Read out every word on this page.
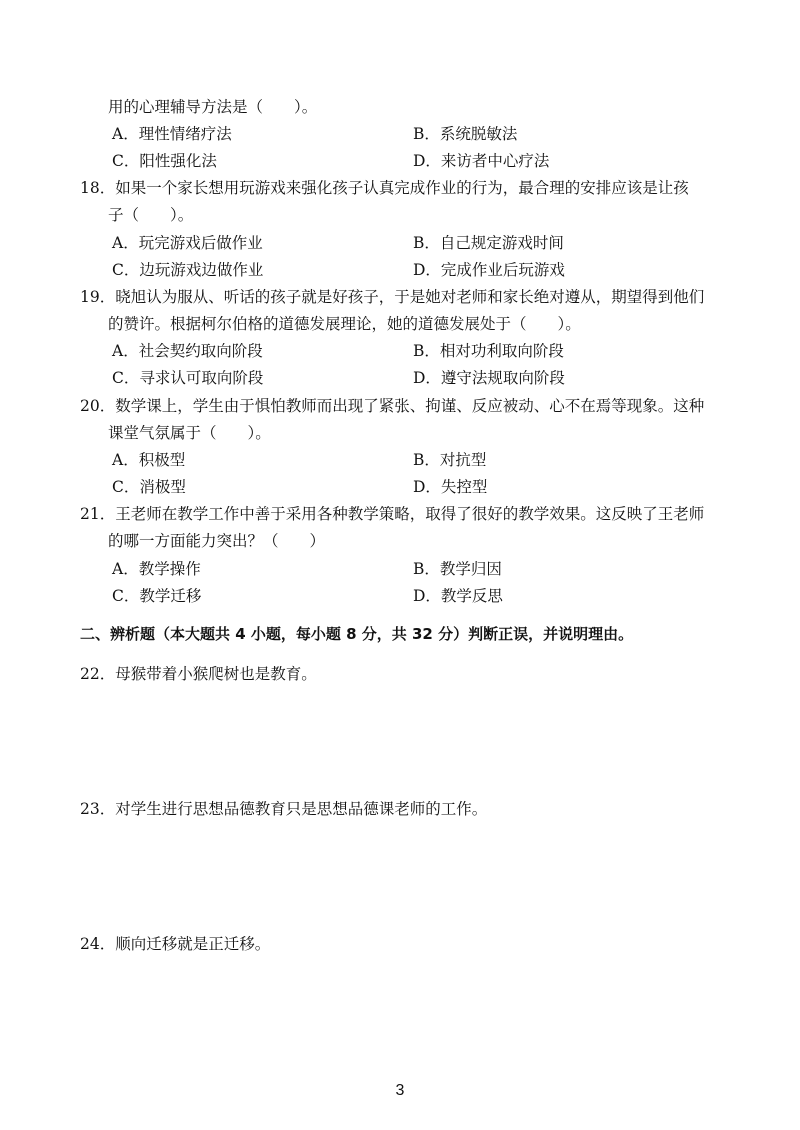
用的心理辅导方法是（　　）。
A．理性情绪疗法	B．系统脱敏法
C．阳性强化法	D．来访者中心疗法
18．如果一个家长想用玩游戏来强化孩子认真完成作业的行为，最合理的安排应该是让孩
子（　　）。
A．玩完游戏后做作业	B．自己规定游戏时间
C．边玩游戏边做作业	D．完成作业后玩游戏
19．晓旭认为服从、听话的孩子就是好孩子，于是她对老师和家长绝对遵从，期望得到他们
的赞许。根据柯尔伯格的道德发展理论，她的道德发展处于（　　）。
A．社会契约取向阶段	B．相对功利取向阶段
C．寻求认可取向阶段	D．遵守法规取向阶段
20．数学课上，学生由于惧怕教师而出现了紧张、拘谨、反应被动、心不在焉等现象。这种
课堂气氛属于（　　）。
A．积极型	B．对抗型
C．消极型	D．失控型
21．王老师在教学工作中善于采用各种教学策略，取得了很好的教学效果。这反映了王老师
的哪一方面能力突出？（　　）
A．教学操作	B．教学归因
C．教学迁移	D．教学反思
二、辨析题（本大题共 4 小题，每小题 8 分，共 32 分）判断正误，并说明理由。
22．母猴带着小猴爬树也是教育。
23．对学生进行思想品德教育只是思想品德课老师的工作。
24．顺向迁移就是正迁移。
3
